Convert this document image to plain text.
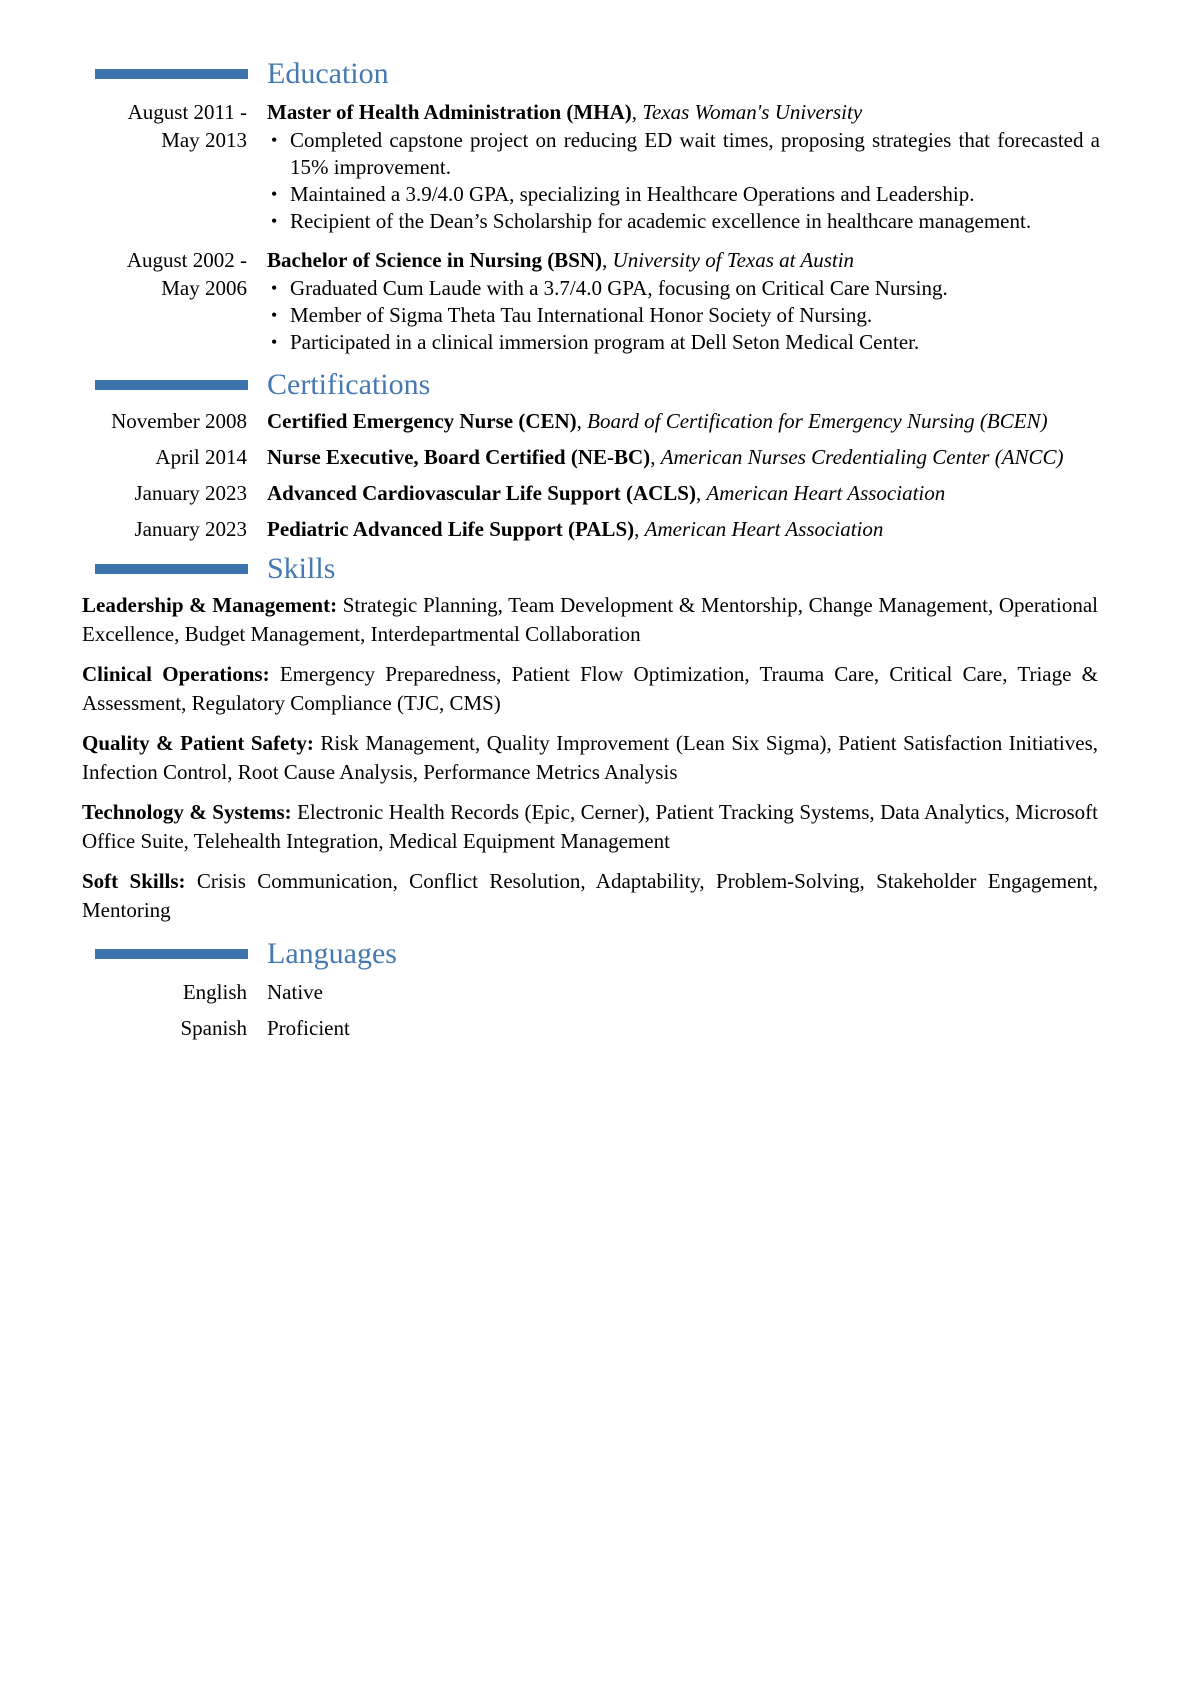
Education
August 2011 -
May 2013
Master of Health Administration (MHA), Texas Woman's University
• Completed capstone project on reducing ED wait times, proposing strategies that forecasted a 15% improvement.
• Maintained a 3.9/4.0 GPA, specializing in Healthcare Operations and Leadership.
• Recipient of the Dean’s Scholarship for academic excellence in healthcare management.
August 2002 -
May 2006
Bachelor of Science in Nursing (BSN), University of Texas at Austin
• Graduated Cum Laude with a 3.7/4.0 GPA, focusing on Critical Care Nursing.
• Member of Sigma Theta Tau International Honor Society of Nursing.
• Participated in a clinical immersion program at Dell Seton Medical Center.
Certifications
November 2008 Certified Emergency Nurse (CEN), Board of Certification for Emergency Nursing (BCEN)
April 2014 Nurse Executive, Board Certified (NE-BC), American Nurses Credentialing Center (ANCC)
January 2023 Advanced Cardiovascular Life Support (ACLS), American Heart Association
January 2023 Pediatric Advanced Life Support (PALS), American Heart Association
Skills

Leadership & Management: Strategic Planning, Team Development & Mentorship, Change Management, Operational Excellence, Budget Management, Interdepartmental Collaboration

Clinical Operations: Emergency Preparedness, Patient Flow Optimization, Trauma Care, Critical Care, Triage & Assessment, Regulatory Compliance (TJC, CMS)

Quality & Patient Safety: Risk Management, Quality Improvement (Lean Six Sigma), Patient Satisfaction Initiatives, Infection Control, Root Cause Analysis, Performance Metrics Analysis

Technology & Systems: Electronic Health Records (Epic, Cerner), Patient Tracking Systems, Data Analytics, Microsoft Office Suite, Telehealth Integration, Medical Equipment Management

Soft Skills: Crisis Communication, Conflict Resolution, Adaptability, Problem-Solving, Stakeholder Engagement, Mentoring

Languages
English Native
Spanish Proficient
